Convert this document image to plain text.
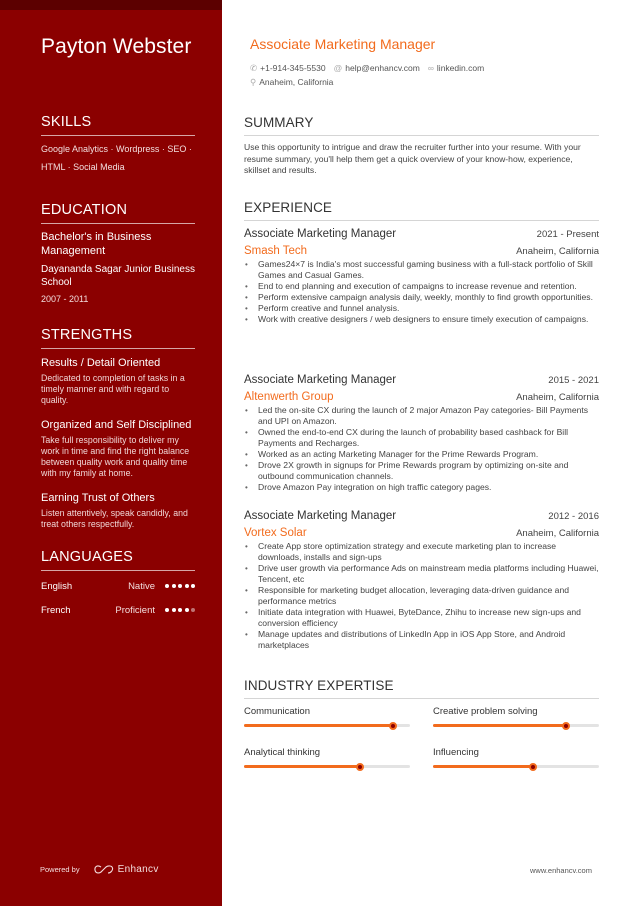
Payton Webster
SKILLS
Google Analytics · Wordpress · SEO ·
HTML · Social Media
EDUCATION
Bachelor's in Business Management
Dayananda Sagar Junior Business School
2007 - 2011
STRENGTHS
Results / Detail Oriented
Dedicated to completion of tasks in a timely manner and with regard to quality.
Organized and Self Disciplined
Take full responsibility to deliver my work in time and find the right balance between quality work and quality time with my family at home.
Earning Trust of Others
Listen attentively, speak candidly, and treat others respectfully.
LANGUAGES
English	Native
French	Proficient
Powered by	Enhancv
Associate Marketing Manager
✆ +1-914-345-5530 @ help@enhancv.com ∞ linkedin.com
⚲ Anaheim, California
SUMMARY
Use this opportunity to intrigue and draw the recruiter further into your resume. With your resume summary, you'll help them get a quick overview of your know-how, experience, skillset and results.
EXPERIENCE
Associate Marketing Manager	2021 - Present
Smash Tech	Anaheim, California
• Games24×7 is India's most successful gaming business with a full-stack portfolio of Skill Games and Casual Games.
• End to end planning and execution of campaigns to increase revenue and retention.
• Perform extensive campaign analysis daily, weekly, monthly to find growth opportunities.
• Perform creative and funnel analysis.
• Work with creative designers / web designers to ensure timely execution of campaigns.
Associate Marketing Manager	2015 - 2021
Altenwerth Group	Anaheim, California
• Led the on-site CX during the launch of 2 major Amazon Pay categories- Bill Payments and UPI on Amazon.
• Owned the end-to-end CX during the launch of probability based cashback for Bill Payments and Recharges.
• Worked as an acting Marketing Manager for the Prime Rewards Program.
• Drove 2X growth in signups for Prime Rewards program by optimizing on-site and outbound communication channels.
• Drove Amazon Pay integration on high traffic category pages.
Associate Marketing Manager	2012 - 2016
Vortex Solar	Anaheim, California
• Create App store optimization strategy and execute marketing plan to increase downloads, installs and sign-ups
• Drive user growth via performance Ads on mainstream media platforms including Huawei, Tencent, etc
• Responsible for marketing budget allocation, leveraging data-driven guidance and performance metrics
• Initiate data integration with Huawei, ByteDance, Zhihu to increase new sign-ups and conversion efficiency
• Manage updates and distributions of LinkedIn App in iOS App Store, and Android marketplaces
INDUSTRY EXPERTISE
Communication	Creative problem solving
Analytical thinking	Influencing
www.enhancv.com
